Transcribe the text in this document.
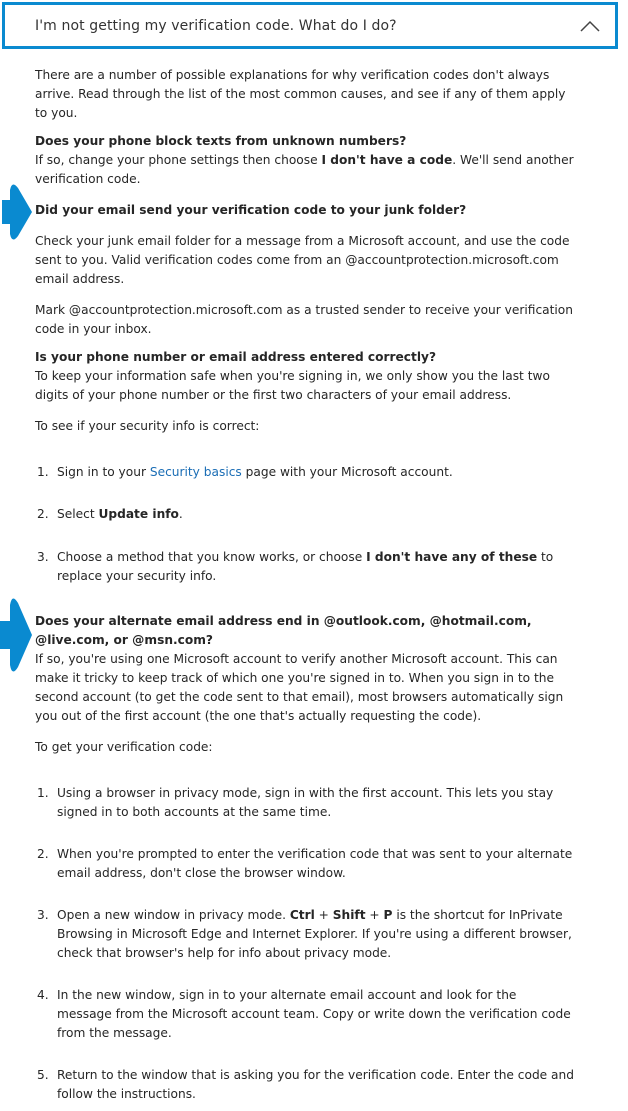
I'm not getting my verification code. What do I do?

There are a number of possible explanations for why verification codes don't always arrive. Read through the list of the most common causes, and see if any of them apply to you.

Does your phone block texts from unknown numbers?

If so, change your phone settings then choose I don't have a code. We'll send another verification code.

Did your email send your verification code to your junk folder?

Check your junk email folder for a message from a Microsoft account, and use the code sent to you. Valid verification codes come from an @accountprotection.microsoft.com email address.

Mark @accountprotection.microsoft.com as a trusted sender to receive your verification code in your inbox.

Is your phone number or email address entered correctly?

To keep your information safe when you're signing in, we only show you the last two digits of your phone number or the first two characters of your email address.

To see if your security info is correct:

1. Sign in to your Security basics page with your Microsoft account.
2. Select Update info.
3. Choose a method that you know works, or choose I don't have any of these to replace your security info.

Does your alternate email address end in @outlook.com, @hotmail.com, @live.com, or @msn.com?

If so, you're using one Microsoft account to verify another Microsoft account. This can make it tricky to keep track of which one you're signed in to. When you sign in to the second account (to get the code sent to that email), most browsers automatically sign you out of the first account (the one that's actually requesting the code).

To get your verification code:

1. Using a browser in privacy mode, sign in with the first account. This lets you stay signed in to both accounts at the same time.
2. When you're prompted to enter the verification code that was sent to your alternate email address, don't close the browser window.
3. Open a new window in privacy mode. Ctrl + Shift + P is the shortcut for InPrivate Browsing in Microsoft Edge and Internet Explorer. If you're using a different browser, check that browser's help for info about privacy mode.
4. In the new window, sign in to your alternate email account and look for the message from the Microsoft account team. Copy or write down the verification code from the message.
5. Return to the window that is asking you for the verification code. Enter the code and follow the instructions.
